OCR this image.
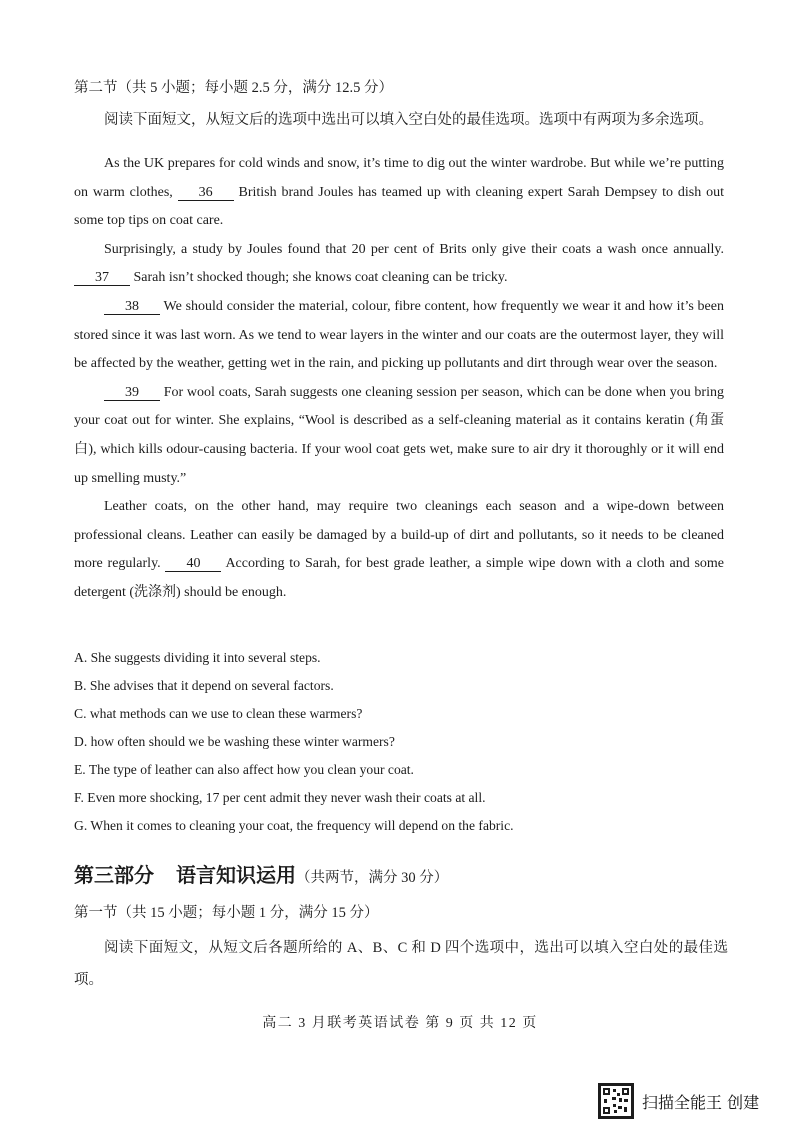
第二节（共 5 小题；每小题 2.5 分，满分 12.5 分）
阅读下面短文，从短文后的选项中选出可以填入空白处的最佳选项。选项中有两项为多余选项。

As the UK prepares for cold winds and snow, it’s time to dig out the winter wardrobe. But while we’re putting on warm clothes, 36 British brand Joules has teamed up with cleaning expert Sarah Dempsey to dish out some top tips on coat care.

Surprisingly, a study by Joules found that 20 per cent of Brits only give their coats a wash once annually. 37 Sarah isn’t shocked though; she knows coat cleaning can be tricky.

38 We should consider the material, colour, fibre content, how frequently we wear it and how it’s been stored since it was last worn. As we tend to wear layers in the winter and our coats are the outermost layer, they will be affected by the weather, getting wet in the rain, and picking up pollutants and dirt through wear over the season.

39 For wool coats, Sarah suggests one cleaning session per season, which can be done when you bring your coat out for winter. She explains, “Wool is described as a self-cleaning material as it contains keratin (角蛋白), which kills odour-causing bacteria. If your wool coat gets wet, make sure to air dry it thoroughly or it will end up smelling musty.”

Leather coats, on the other hand, may require two cleanings each season and a wipe-down between professional cleans. Leather can easily be damaged by a build-up of dirt and pollutants, so it needs to be cleaned more regularly. 40 According to Sarah, for best grade leather, a simple wipe down with a cloth and some detergent (洗涤剂) should be enough.

A. She suggests dividing it into several steps.
B. She advises that it depend on several factors.
C. what methods can we use to clean these warmers?
D. how often should we be washing these winter warmers?
E. The type of leather can also affect how you clean your coat.
F. Even more shocking, 17 per cent admit they never wash their coats at all.
G. When it comes to cleaning your coat, the frequency will depend on the fabric.
第三部分 语言知识运用（共两节，满分 30 分）
第一节（共 15 小题；每小题 1 分，满分 15 分）
阅读下面短文，从短文后各题所给的 A、B、C 和 D 四个选项中，选出可以填入空白处的最佳选项。
高二 3 月联考英语试卷 第 9 页 共 12 页
扫描全能王 创建
